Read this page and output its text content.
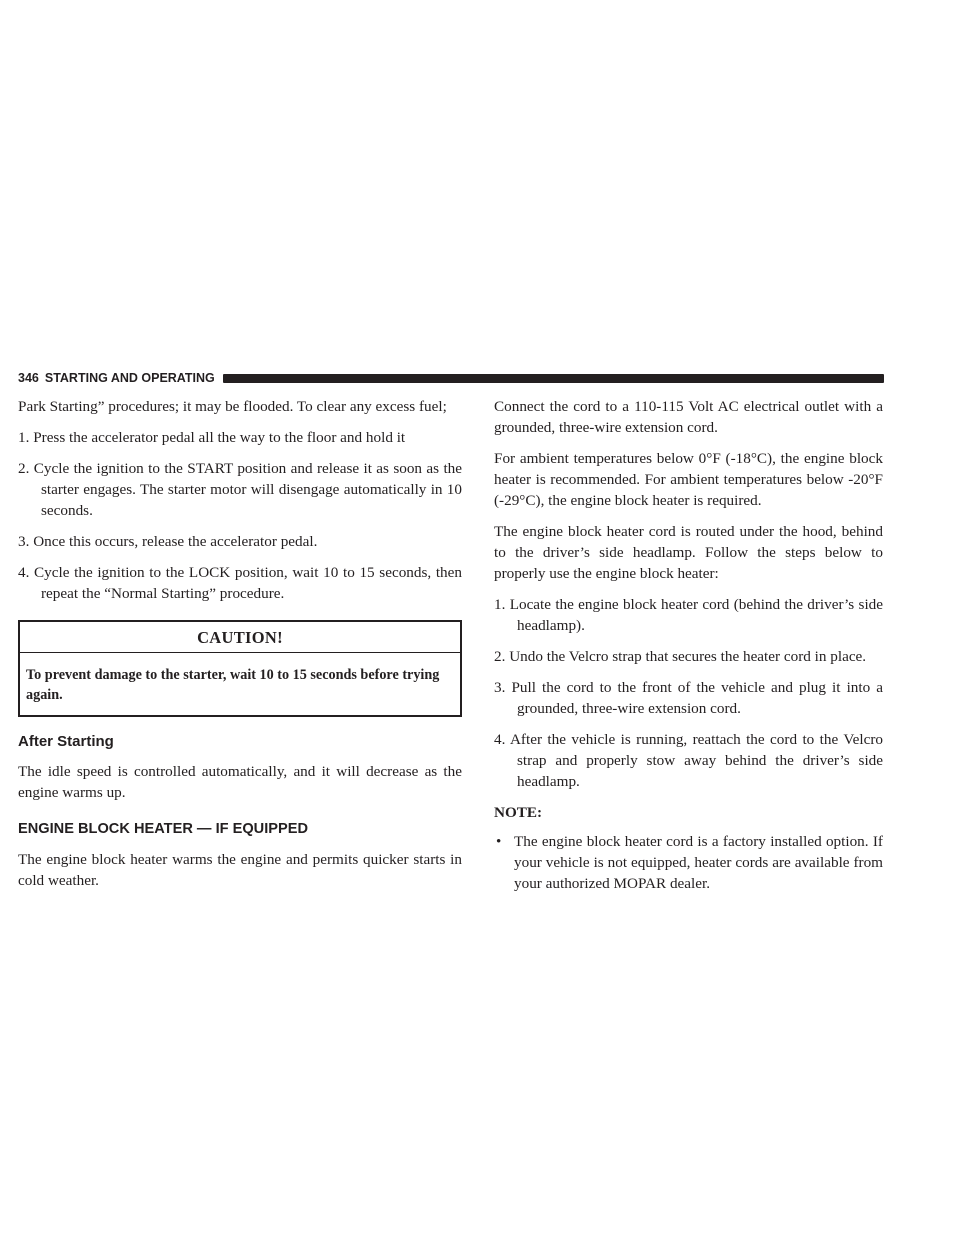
346 STARTING AND OPERATING

Park Starting” procedures; it may be flooded. To clear any excess fuel;

1. Press the accelerator pedal all the way to the floor and hold it
2. Cycle the ignition to the START position and release it as soon as the starter engages. The starter motor will disengage automatically in 10 seconds.
3. Once this occurs, release the accelerator pedal.
4. Cycle the ignition to the LOCK position, wait 10 to 15 seconds, then repeat the “Normal Starting” procedure.
CAUTION!
To prevent damage to the starter, wait 10 to 15 seconds before trying again.
After Starting

The idle speed is controlled automatically, and it will decrease as the engine warms up.

ENGINE BLOCK HEATER — IF EQUIPPED

The engine block heater warms the engine and permits quicker starts in cold weather.

Connect the cord to a 110-115 Volt AC electrical outlet with a grounded, three-wire extension cord.

For ambient temperatures below 0°F (-18°C), the engine block heater is recommended. For ambient temperatures below -20°F (-29°C), the engine block heater is required.

The engine block heater cord is routed under the hood, behind to the driver’s side headlamp. Follow the steps below to properly use the engine block heater:

1. Locate the engine block heater cord (behind the driver’s side headlamp).
2. Undo the Velcro strap that secures the heater cord in place.
3. Pull the cord to the front of the vehicle and plug it into a grounded, three-wire extension cord.
4. After the vehicle is running, reattach the cord to the Velcro strap and properly stow away behind the driver’s side headlamp.
NOTE:
• The engine block heater cord is a factory installed option. If your vehicle is not equipped, heater cords are available from your authorized MOPAR dealer.
